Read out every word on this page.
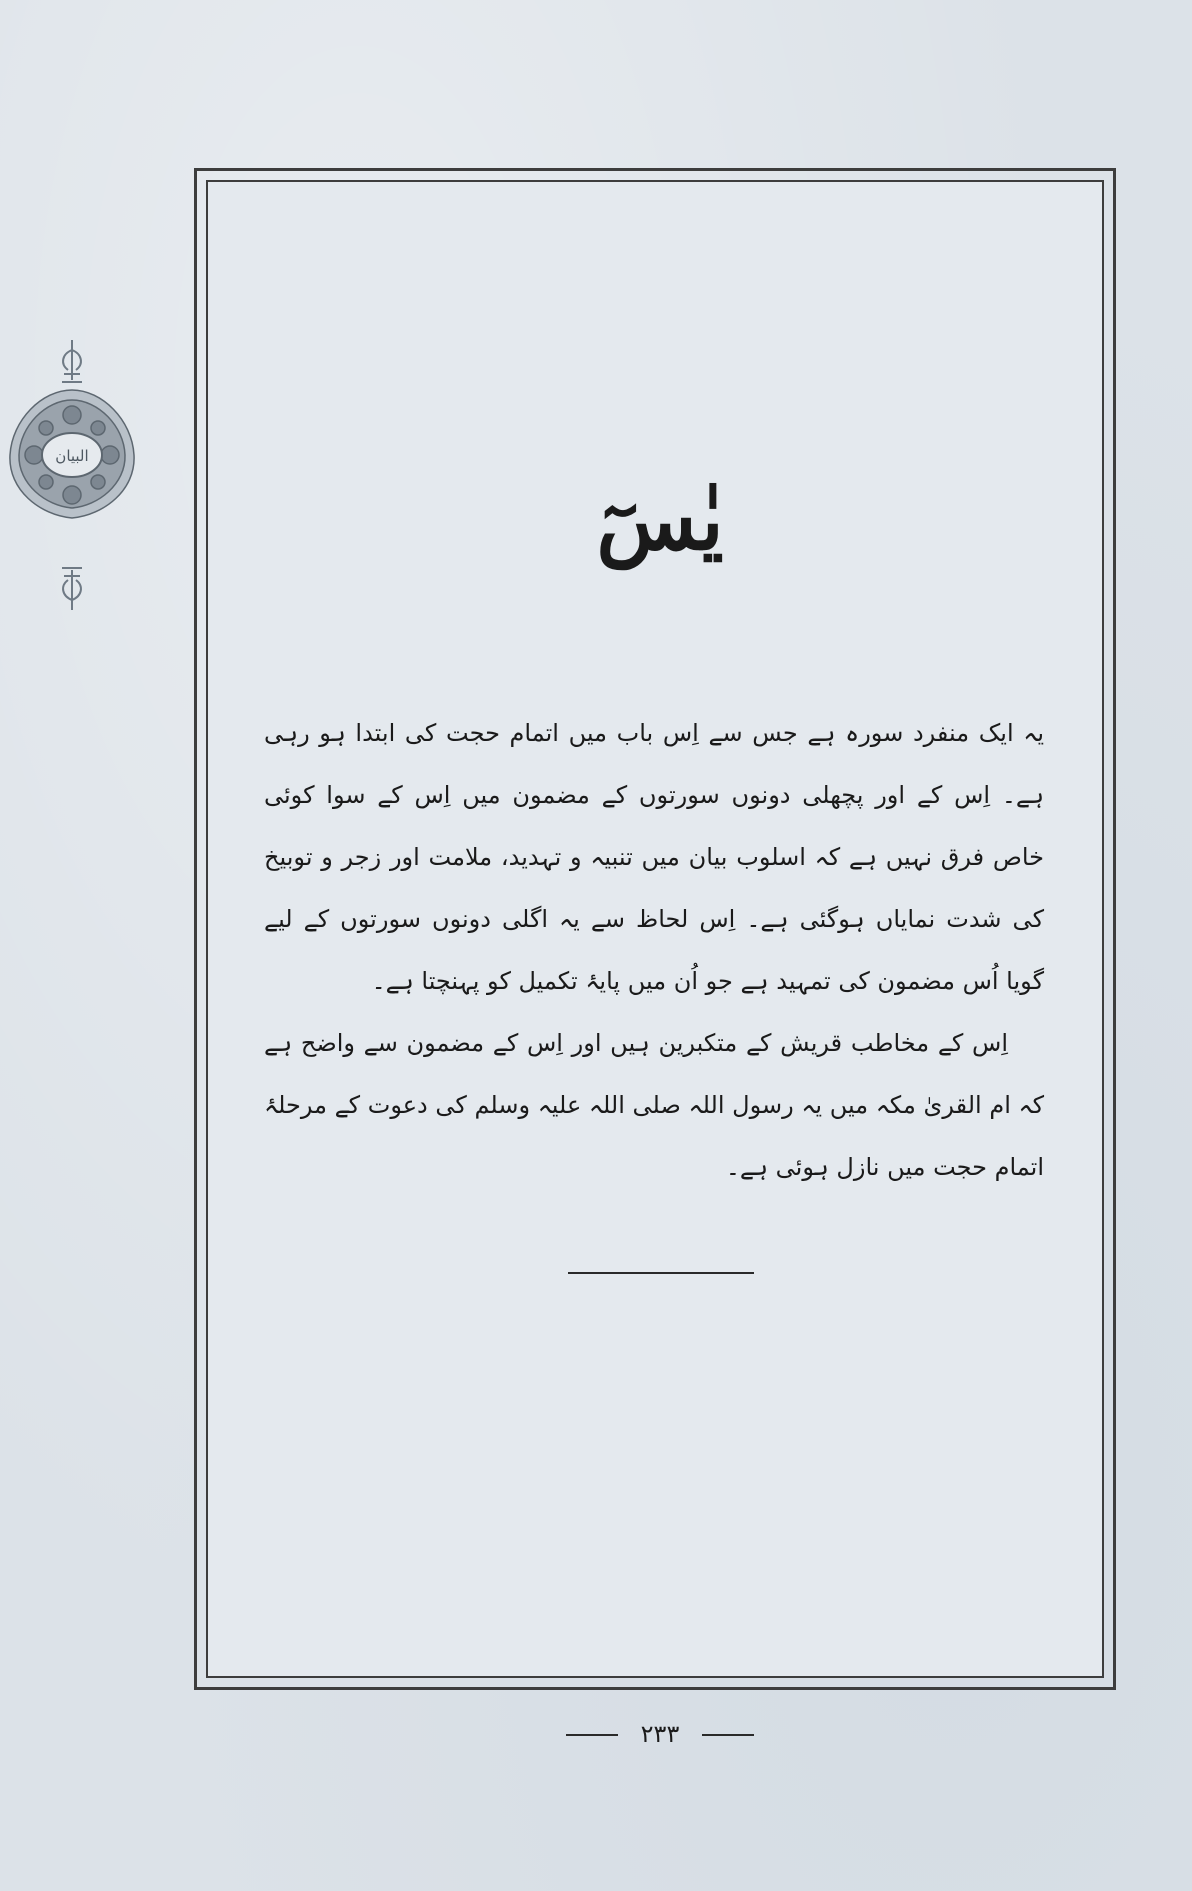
البیان
یٰسٓ

یہ ایک منفرد سورہ ہے جس سے اِس باب میں اتمام حجت کی ابتدا ہو رہی ہے۔ اِس کے اور پچھلی دونوں سورتوں کے مضمون میں اِس کے سوا کوئی خاص فرق نہیں ہے کہ اسلوب بیان میں تنبیہ و تہدید، ملامت اور زجر و توبیخ کی شدت نمایاں ہوگئی ہے۔ اِس لحاظ سے یہ اگلی دونوں سورتوں کے لیے گویا اُس مضمون کی تمہید ہے جو اُن میں پایۂ تکمیل کو پہنچتا ہے۔

اِس کے مخاطب قریش کے متکبرین ہیں اور اِس کے مضمون سے واضح ہے کہ ام القریٰ مکہ میں یہ رسول اللہ صلی اللہ علیہ وسلم کی دعوت کے مرحلۂ اتمام حجت میں نازل ہوئی ہے۔

۲۳۳
